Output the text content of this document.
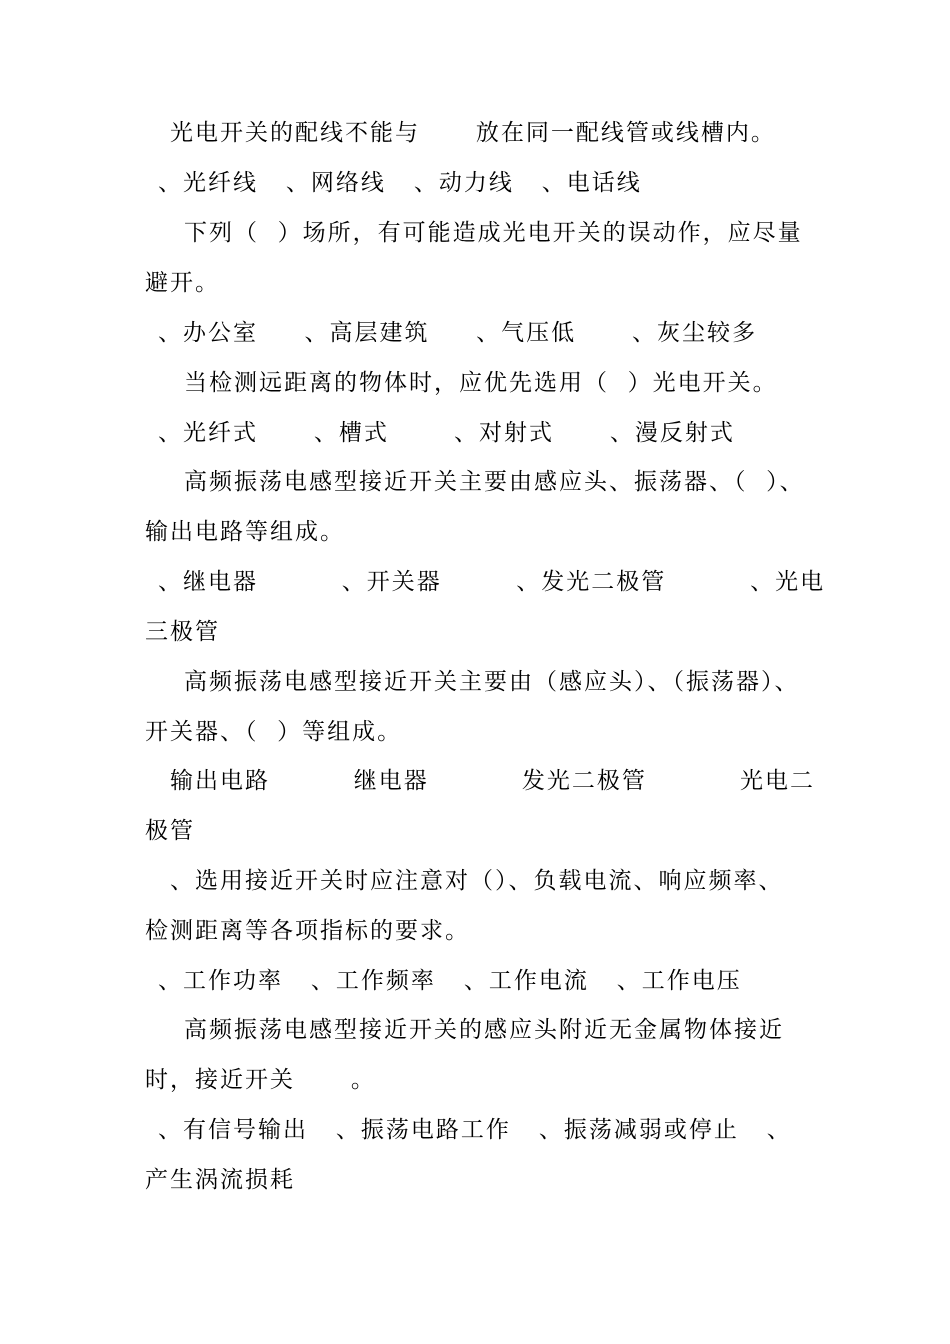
光电开关的配线不能与      放在同一配线管或线槽内。
、光纤线   、网络线   、动力线   、电话线
下列（  ）场所，有可能造成光电开关的误动作，应尽量
避开。
、办公室     、高层建筑     、气压低      、灰尘较多
当检测远距离的物体时，应优先选用（  ）光电开关。
、光纤式      、槽式       、对射式      、漫反射式
高频振荡电感型接近开关主要由感应头、振荡器、（  ）、
输出电路等组成。
、继电器         、开关器        、发光二极管         、光电
三极管
高频振荡电感型接近开关主要由（感应头）、（振荡器）、
开关器、（  ）等组成。
输出电路         继电器          发光二极管          光电二
极管
、选用接近开关时应注意对（）、负载电流、响应频率、
检测距离等各项指标的要求。
、工作功率   、工作频率   、工作电流   、工作电压
高频振荡电感型接近开关的感应头附近无金属物体接近
时，接近开关      。
、有信号输出   、振荡电路工作   、振荡减弱或停止   、
产生涡流损耗
